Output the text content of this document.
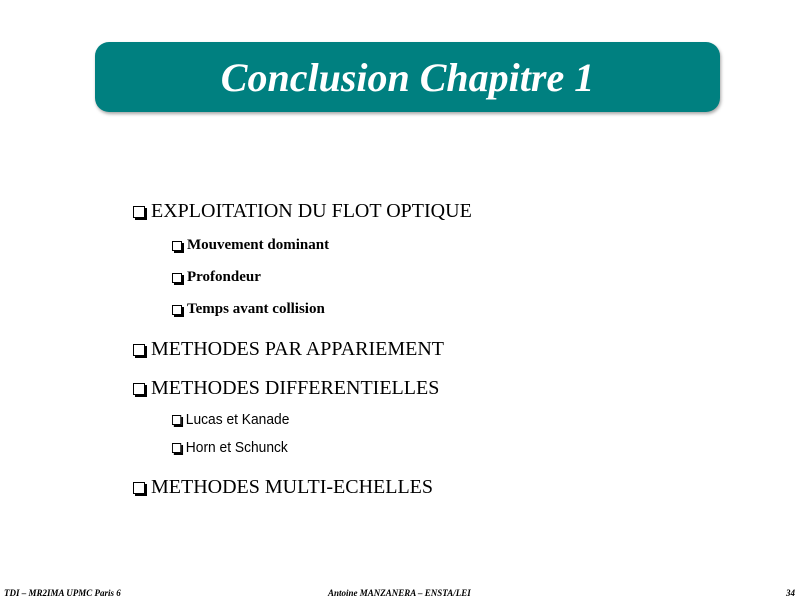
Conclusion Chapitre 1
EXPLOITATION DU FLOT OPTIQUE
Mouvement dominant
Profondeur
Temps avant collision
METHODES PAR APPARIEMENT
METHODES DIFFERENTIELLES
Lucas et Kanade
Horn et Schunck
METHODES MULTI-ECHELLES
TDI – MR2IMA UPMC Paris 6	Antoine MANZANERA – ENSTA/LEI	34
